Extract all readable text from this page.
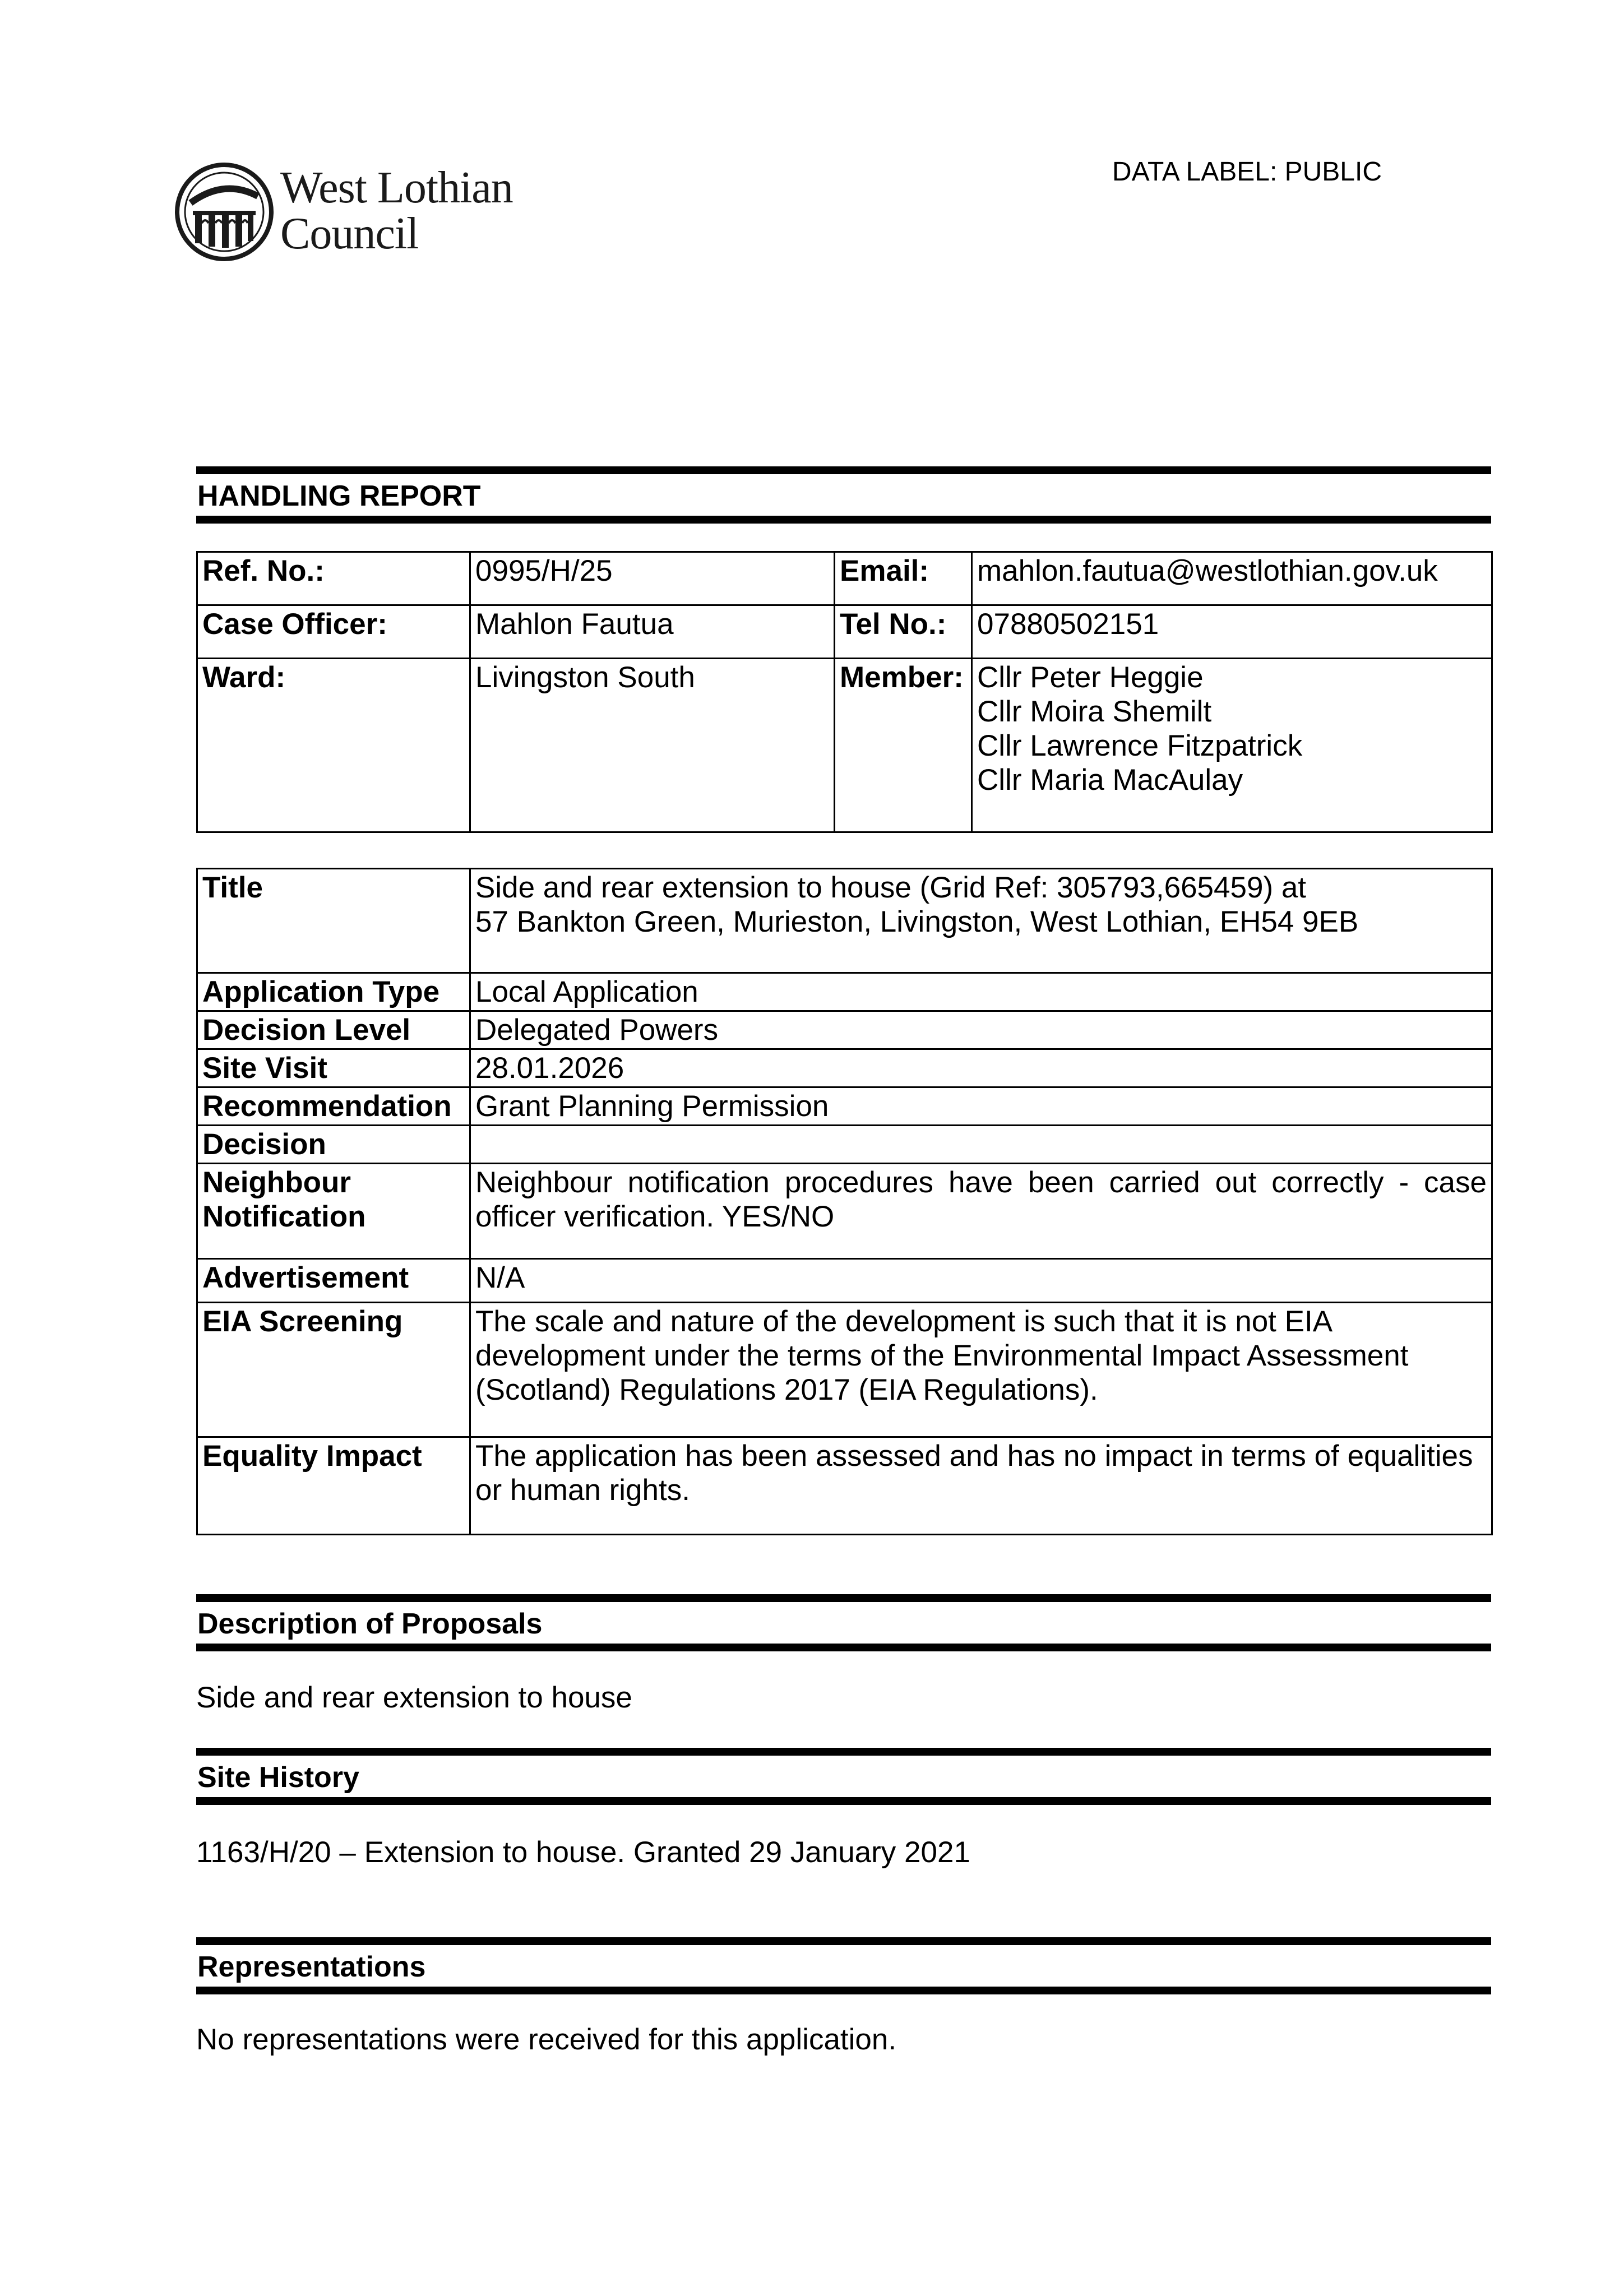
West Lothian
Council
DATA LABEL: PUBLIC
HANDLING REPORT
Ref. No.:	0995/H/25	Email:	mahlon.fautua@westlothian.gov.uk
Case Officer:	Mahlon Fautua	Tel No.:	07880502151
Ward:	Livingston South	Member:	Cllr Peter Heggie
Cllr Moira Shemilt
Cllr Lawrence Fitzpatrick
Cllr Maria MacAulay
Title	Side and rear extension to house (Grid Ref: 305793,665459) at
57 Bankton Green, Murieston, Livingston, West Lothian, EH54 9EB
Application Type	Local Application
Decision Level	Delegated Powers
Site Visit	28.01.2026
Recommendation	Grant Planning Permission
Decision	
Neighbour Notification	Neighbour notification procedures have been carried out correctly - case officer verification. YES/NO
Advertisement	N/A
EIA Screening	The scale and nature of the development is such that it is not EIA development under the terms of the Environmental Impact Assessment (Scotland) Regulations 2017 (EIA Regulations).
Equality Impact	The application has been assessed and has no impact in terms of equalities or human rights.
Description of Proposals
Side and rear extension to house
Site History
1163/H/20 – Extension to house. Granted 29 January 2021
Representations
No representations were received for this application.
